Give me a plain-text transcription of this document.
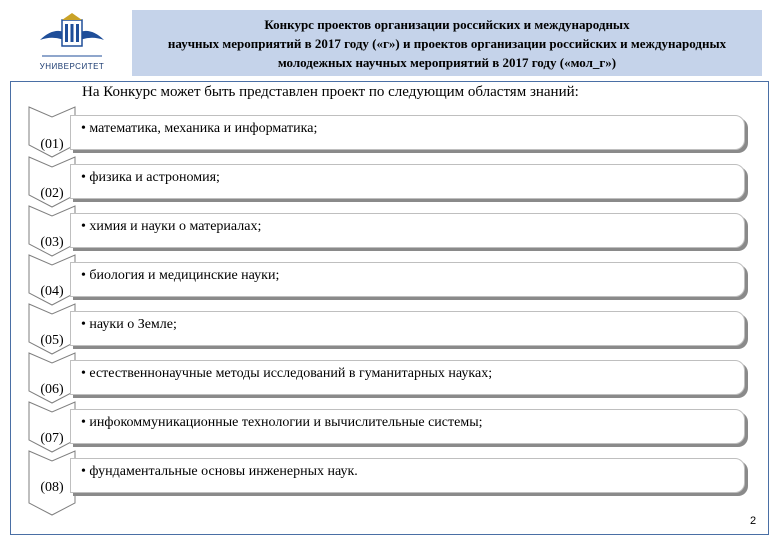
УНИВЕРСИТЕТ
Конкурс проектов организации российских и международных
научных мероприятий в 2017 году («г») и проектов организации российских и международных
молодежных научных мероприятий в 2017 году («мол_г»)
На Конкурс может быть представлен проект по следующим областям знаний:
(01)
(02)
(03)
(04)
(05)
(06)
(07)
(08)
• математика, механика и информатика;
• физика и астрономия;
• химия и науки о материалах;
• биология и медицинские науки;
• науки о Земле;
• естественнонаучные методы исследований в гуманитарных науках;
• инфокоммуникационные технологии и вычислительные системы;
• фундаментальные основы инженерных наук.
2
